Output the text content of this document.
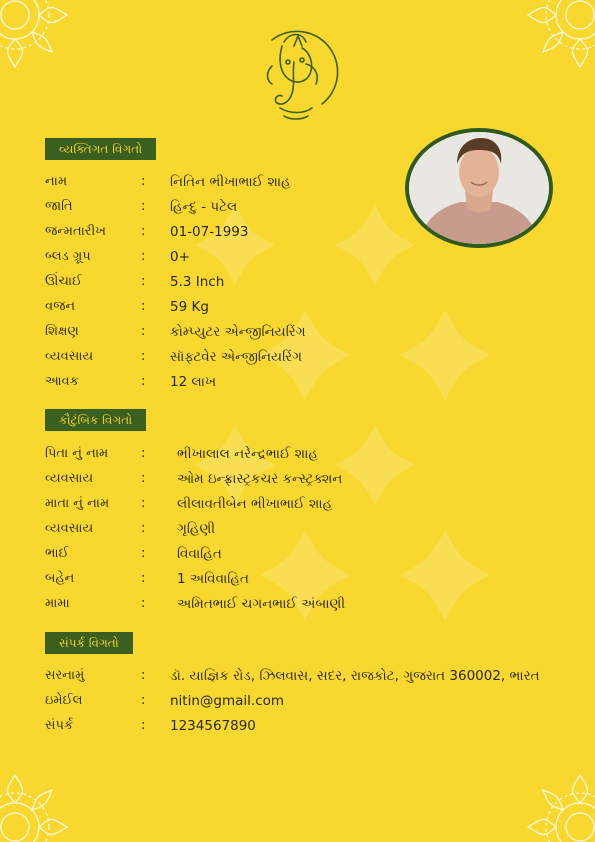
વ્યક્તિગત વિગતો
નામ	: નિતિન ભીખાભાઈ શાહ
જાતિ	: હિન્દુ - પટેલ
જન્મતારીખ	: 01-07-1993
બ્લડ ગ્રૂપ	: 0+
ઊંચાઈ	: 5.3 Inch
વજન	: 59 Kg
શિક્ષણ	: કોમ્પ્યુટર એન્જીનિયરિંગ
વ્યવસાય	: સૉફ્ટવેર એન્જીનિયરિંગ
આવક	: 12 લાખ
કૌટુંબિક વિગતો
પિતા નું નામ	: ભીખાલાલ નરેન્દ્રભાઈ શાહ
વ્યવસાય	: ઓમ ઇન્ફ્રાસ્ટ્રકચર કન્સ્ટ્રક્શન
માતા નું નામ : લીલાવતીબેન ભીખાભાઈ શાહ
વ્યવસાય	: ગૃહિણી
ભાઈ	: વિવાહિત
બહેન	: 1 અવિવાહિત
મામા	: અમિતભાઈ ચગનભાઈ અંબાણી
સંપર્ક વિગતો
સરનામું	: ડૉ. યાજ્ઞિક રોડ, ઝિલવાસ, સદર, રાજકોટ, ગુજરાત 360002, ભારત
ઇમેઈલ	: nitin@gmail.com
સંપર્ક	: 1234567890
